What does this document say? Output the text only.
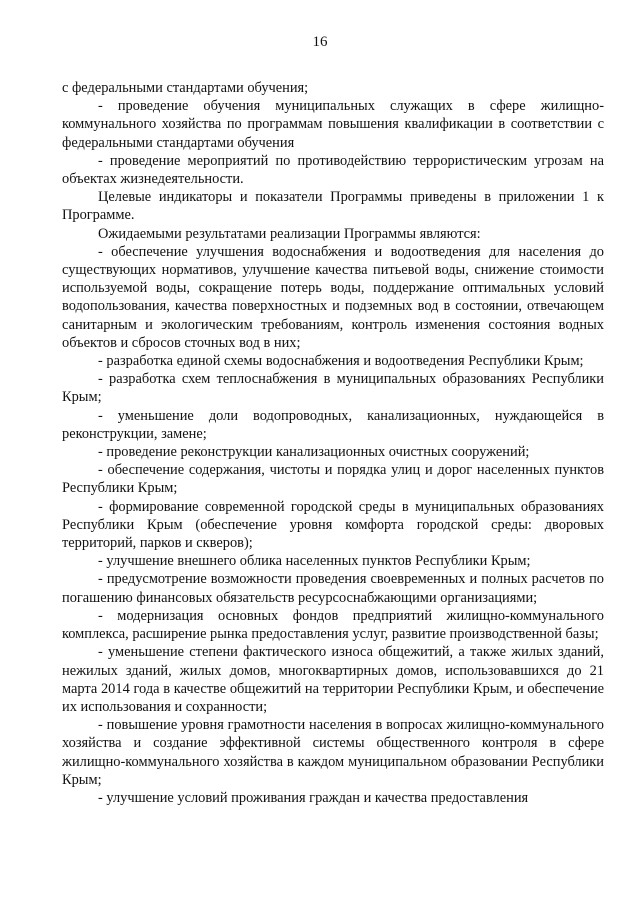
16

с федеральными стандартами обучения;

- проведение обучения муниципальных служащих в сфере жилищно-коммунального хозяйства по программам повышения квалификации в соответствии с федеральными стандартами обучения

- проведение мероприятий по противодействию террористическим угрозам на объектах жизнедеятельности.

Целевые индикаторы и показатели Программы приведены в приложении 1 к Программе.

Ожидаемыми результатами реализации Программы являются:

- обеспечение улучшения водоснабжения и водоотведения для населения до существующих нормативов, улучшение качества питьевой воды, снижение стоимости используемой воды, сокращение потерь воды, поддержание оптимальных условий водопользования, качества поверхностных и подземных вод в состоянии, отвечающем санитарным и экологическим требованиям, контроль изменения состояния водных объектов и сбросов сточных вод в них;

- разработка единой схемы водоснабжения и водоотведения Республики Крым;

- разработка схем теплоснабжения в муниципальных образованиях Республики Крым;

- уменьшение доли водопроводных, канализационных, нуждающейся в реконструкции, замене;

- проведение реконструкции канализационных очистных сооружений;

- обеспечение содержания, чистоты и порядка улиц и дорог населенных пунктов Республики Крым;

- формирование современной городской среды в муниципальных образованиях Республики Крым (обеспечение уровня комфорта городской среды: дворовых территорий, парков и скверов);

- улучшение внешнего облика населенных пунктов Республики Крым;

- предусмотрение возможности проведения своевременных и полных расчетов по погашению финансовых обязательств ресурсоснабжающими организациями;

- модернизация основных фондов предприятий жилищно-коммунального комплекса, расширение рынка предоставления услуг, развитие производственной базы;

- уменьшение степени фактического износа общежитий, а также жилых зданий, нежилых зданий, жилых домов, многоквартирных домов, использовавшихся до 21 марта 2014 года в качестве общежитий на территории Республики Крым, и обеспечение их использования и сохранности;

- повышение уровня грамотности населения в вопросах жилищно-коммунального хозяйства и создание эффективной системы общественного контроля в сфере жилищно-коммунального хозяйства в каждом муниципальном образовании Республики Крым;

- улучшение условий проживания граждан и качества предоставления
